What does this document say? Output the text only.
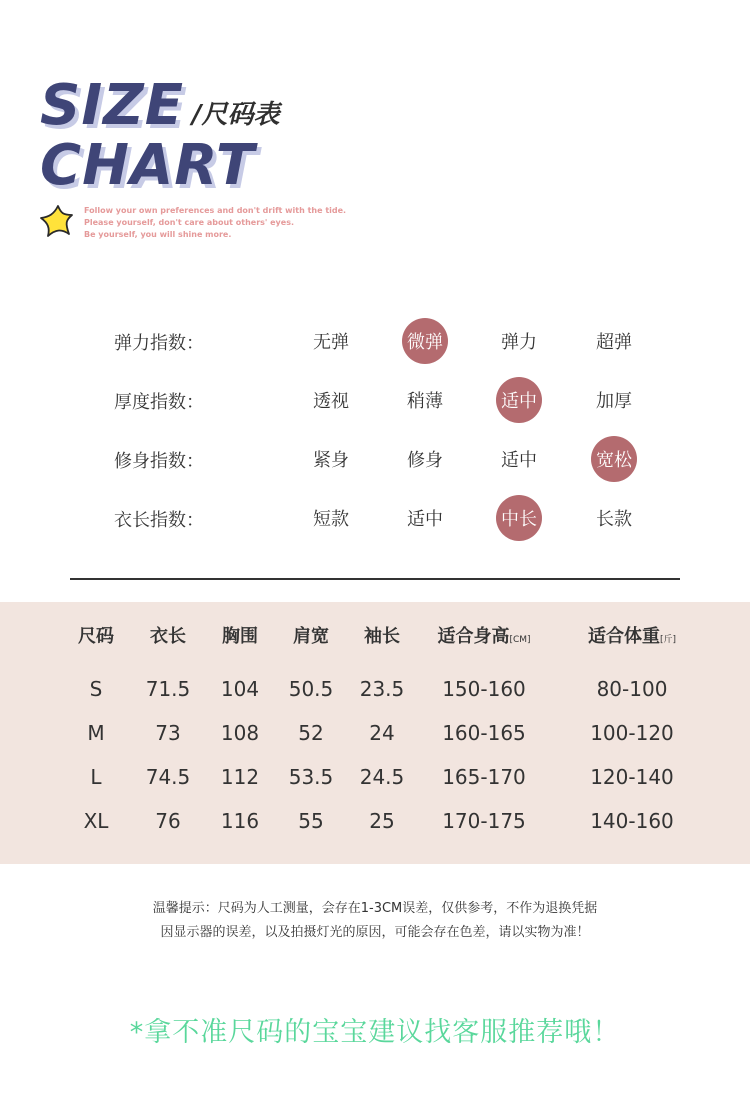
SIZE
CHART
/尺码表
Follow your own preferences and don't drift with the tide.
Please yourself, don't care about others' eyes.
Be yourself, you will shine more.
弹力指数：	无弹	微弹	弹力	超弹
厚度指数：	透视	稍薄	适中	加厚
修身指数：	紧身	修身	适中	宽松
衣长指数：	短款	适中	中长	长款
尺码 衣长 胸围 肩宽 袖长 适合身高[CM]	适合体重[斤]
S 71.5 104 50.5 23.5 150-160	80-100
M	73 108 52 24 160-165	100-120
L 74.5 112 53.5 24.5 165-170	120-140
XL 76 116 55 25 170-175	140-160
温馨提示：尺码为人工测量，会存在1-3CM误差，仅供参考，不作为退换凭据
因显示器的误差，以及拍摄灯光的原因，可能会存在色差，请以实物为准！
*拿不准尺码的宝宝建议找客服推荐哦！
